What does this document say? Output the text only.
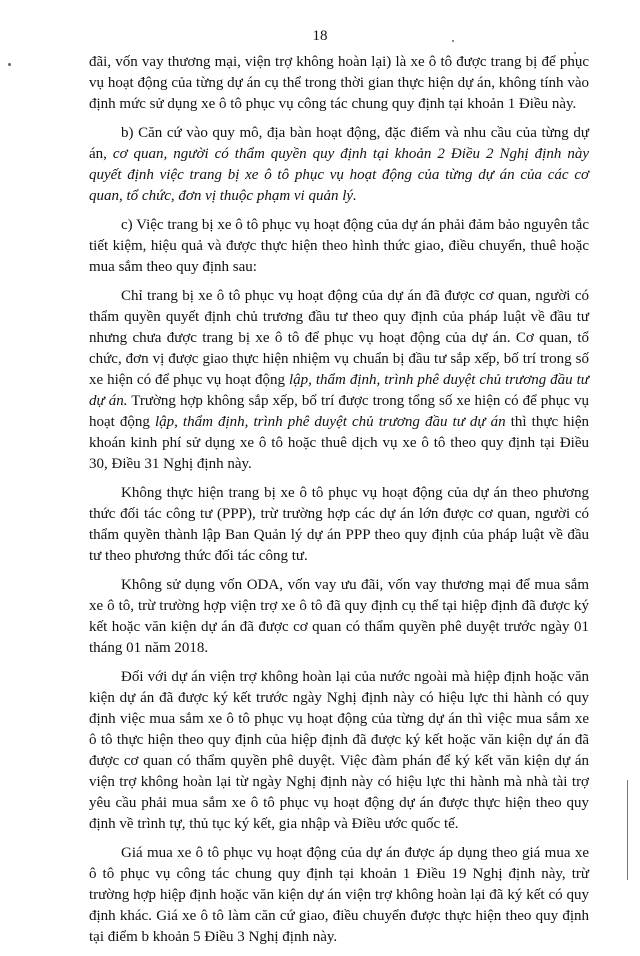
18

đãi, vốn vay thương mại, viện trợ không hoàn lại) là xe ô tô được trang bị để phục vụ hoạt động của từng dự án cụ thể trong thời gian thực hiện dự án, không tính vào định mức sử dụng xe ô tô phục vụ công tác chung quy định tại khoản 1 Điều này.

b) Căn cứ vào quy mô, địa bàn hoạt động, đặc điểm và nhu cầu của từng dự án, cơ quan, người có thẩm quyền quy định tại khoản 2 Điều 2 Nghị định này quyết định việc trang bị xe ô tô phục vụ hoạt động của từng dự án của các cơ quan, tổ chức, đơn vị thuộc phạm vi quản lý.

c) Việc trang bị xe ô tô phục vụ hoạt động của dự án phải đảm bảo nguyên tắc tiết kiệm, hiệu quả và được thực hiện theo hình thức giao, điều chuyển, thuê hoặc mua sắm theo quy định sau:

Chỉ trang bị xe ô tô phục vụ hoạt động của dự án đã được cơ quan, người có thẩm quyền quyết định chủ trương đầu tư theo quy định của pháp luật về đầu tư nhưng chưa được trang bị xe ô tô để phục vụ hoạt động của dự án. Cơ quan, tổ chức, đơn vị được giao thực hiện nhiệm vụ chuẩn bị đầu tư sắp xếp, bố trí trong số xe hiện có để phục vụ hoạt động lập, thẩm định, trình phê duyệt chủ trương đầu tư dự án. Trường hợp không sắp xếp, bố trí được trong tổng số xe hiện có để phục vụ hoạt động lập, thẩm định, trình phê duyệt chủ trương đầu tư dự án thì thực hiện khoán kinh phí sử dụng xe ô tô hoặc thuê dịch vụ xe ô tô theo quy định tại Điều 30, Điều 31 Nghị định này.

Không thực hiện trang bị xe ô tô phục vụ hoạt động của dự án theo phương thức đối tác công tư (PPP), trừ trường hợp các dự án lớn được cơ quan, người có thẩm quyền thành lập Ban Quản lý dự án PPP theo quy định của pháp luật về đầu tư theo phương thức đối tác công tư.

Không sử dụng vốn ODA, vốn vay ưu đãi, vốn vay thương mại để mua sắm xe ô tô, trừ trường hợp viện trợ xe ô tô đã quy định cụ thể tại hiệp định đã được ký kết hoặc văn kiện dự án đã được cơ quan có thẩm quyền phê duyệt trước ngày 01 tháng 01 năm 2018.

Đối với dự án viện trợ không hoàn lại của nước ngoài mà hiệp định hoặc văn kiện dự án đã được ký kết trước ngày Nghị định này có hiệu lực thi hành có quy định việc mua sắm xe ô tô phục vụ hoạt động của từng dự án thì việc mua sắm xe ô tô thực hiện theo quy định của hiệp định đã được ký kết hoặc văn kiện dự án đã được cơ quan có thẩm quyền phê duyệt. Việc đàm phán để ký kết văn kiện dự án viện trợ không hoàn lại từ ngày Nghị định này có hiệu lực thi hành mà nhà tài trợ yêu cầu phải mua sắm xe ô tô phục vụ hoạt động dự án được thực hiện theo quy định về trình tự, thủ tục ký kết, gia nhập và Điều ước quốc tế.

Giá mua xe ô tô phục vụ hoạt động của dự án được áp dụng theo giá mua xe ô tô phục vụ công tác chung quy định tại khoản 1 Điều 19 Nghị định này, trừ trường hợp hiệp định hoặc văn kiện dự án viện trợ không hoàn lại đã ký kết có quy định khác. Giá xe ô tô làm căn cứ giao, điều chuyển được thực hiện theo quy định tại điểm b khoản 5 Điều 3 Nghị định này.
